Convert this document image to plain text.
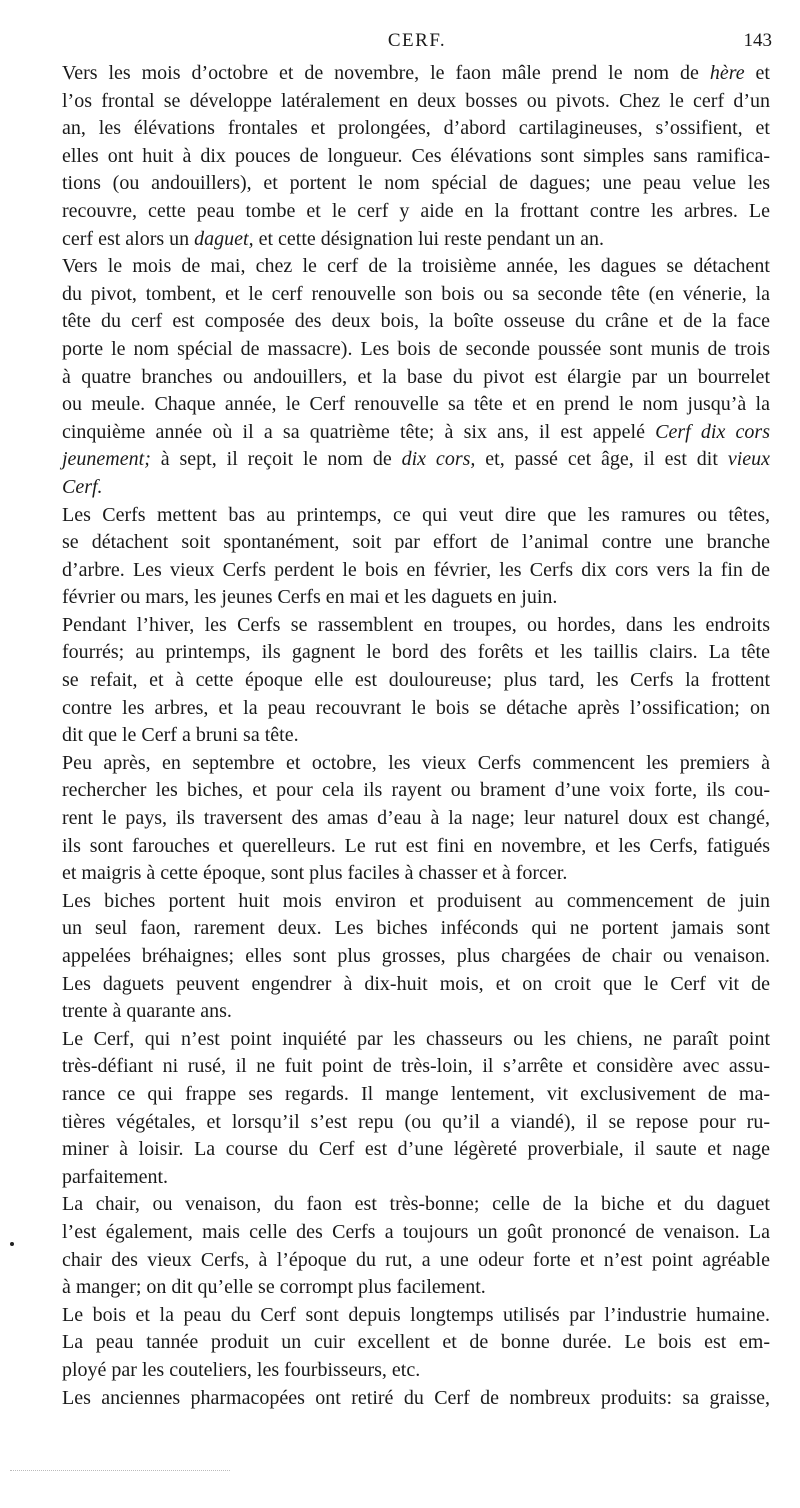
CERF.	143

Vers les mois d’octobre et de novembre, le faon mâle prend le nom de hère et
l’os frontal se développe latéralement en deux bosses ou pivots. Chez le cerf d’un
an, les élévations frontales et prolongées, d’abord cartilagineuses, s’ossifient, et
elles ont huit à dix pouces de longueur. Ces élévations sont simples sans ramifica-
tions (ou andouillers), et portent le nom spécial de dagues; une peau velue les
recouvre, cette peau tombe et le cerf y aide en la frottant contre les arbres. Le
cerf est alors un daguet, et cette désignation lui reste pendant un an.

Vers le mois de mai, chez le cerf de la troisième année, les dagues se détachent
du pivot, tombent, et le cerf renouvelle son bois ou sa seconde tête (en vénerie, la
tête du cerf est composée des deux bois, la boîte osseuse du crâne et de la face
porte le nom spécial de massacre). Les bois de seconde poussée sont munis de trois
à quatre branches ou andouillers, et la base du pivot est élargie par un bourrelet
ou meule. Chaque année, le Cerf renouvelle sa tête et en prend le nom jusqu’à la
cinquième année où il a sa quatrième tête; à six ans, il est appelé Cerf dix cors
jeunement; à sept, il reçoit le nom de dix cors, et, passé cet âge, il est dit vieux
Cerf.

Les Cerfs mettent bas au printemps, ce qui veut dire que les ramures ou têtes,
se détachent soit spontanément, soit par effort de l’animal contre une branche
d’arbre. Les vieux Cerfs perdent le bois en février, les Cerfs dix cors vers la fin de
février ou mars, les jeunes Cerfs en mai et les daguets en juin.

Pendant l’hiver, les Cerfs se rassemblent en troupes, ou hordes, dans les endroits
fourrés; au printemps, ils gagnent le bord des forêts et les taillis clairs. La tête
se refait, et à cette époque elle est douloureuse; plus tard, les Cerfs la frottent
contre les arbres, et la peau recouvrant le bois se détache après l’ossification; on
dit que le Cerf a bruni sa tête.

Peu après, en septembre et octobre, les vieux Cerfs commencent les premiers à
rechercher les biches, et pour cela ils rayent ou brament d’une voix forte, ils cou-
rent le pays, ils traversent des amas d’eau à la nage; leur naturel doux est changé,
ils sont farouches et querelleurs. Le rut est fini en novembre, et les Cerfs, fatigués
et maigris à cette époque, sont plus faciles à chasser et à forcer.

Les biches portent huit mois environ et produisent au commencement de juin
un seul faon, rarement deux. Les biches inféconds qui ne portent jamais sont
appelées bréhaignes; elles sont plus grosses, plus chargées de chair ou venaison.
Les daguets peuvent engendrer à dix-huit mois, et on croit que le Cerf vit de
trente à quarante ans.

Le Cerf, qui n’est point inquiété par les chasseurs ou les chiens, ne paraît point
très-défiant ni rusé, il ne fuit point de très-loin, il s’arrête et considère avec assu-
rance ce qui frappe ses regards. Il mange lentement, vit exclusivement de ma-
tières végétales, et lorsqu’il s’est repu (ou qu’il a viandé), il se repose pour ru-
miner à loisir. La course du Cerf est d’une légèreté proverbiale, il saute et nage
parfaitement.

La chair, ou venaison, du faon est très-bonne; celle de la biche et du daguet
l’est également, mais celle des Cerfs a toujours un goût prononcé de venaison. La
chair des vieux Cerfs, à l’époque du rut, a une odeur forte et n’est point agréable
à manger; on dit qu’elle se corrompt plus facilement.

Le bois et la peau du Cerf sont depuis longtemps utilisés par l’industrie humaine.
La peau tannée produit un cuir excellent et de bonne durée. Le bois est em-
ployé par les couteliers, les fourbisseurs, etc.

Les anciennes pharmacopées ont retiré du Cerf de nombreux produits: sa graisse,
